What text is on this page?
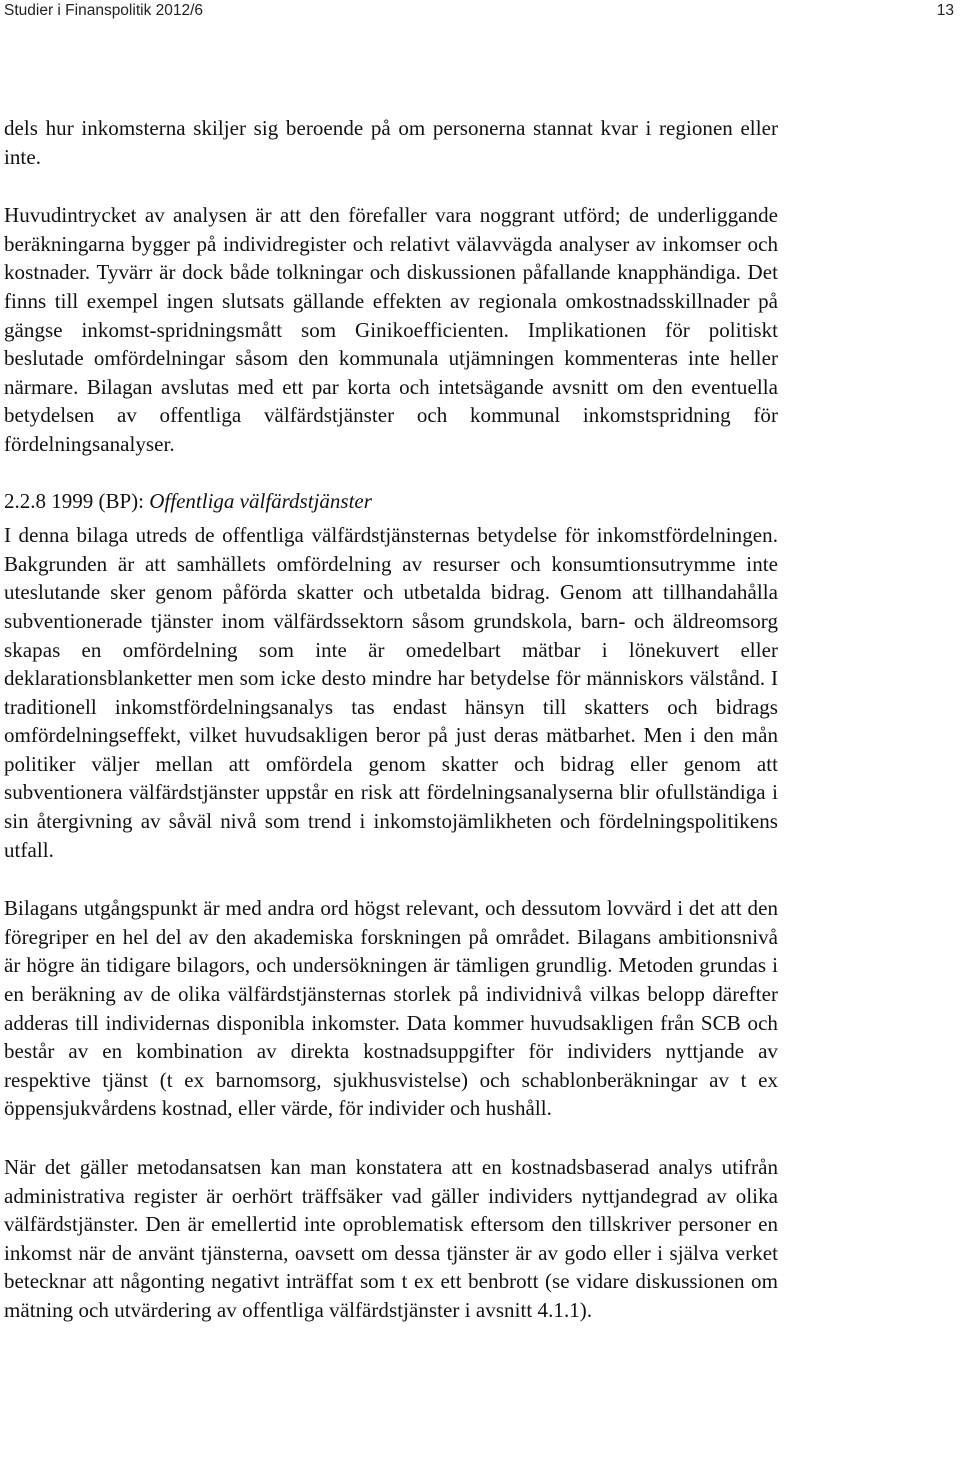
Studier i Finanspolitik 2012/6	13

dels hur inkomsterna skiljer sig beroende på om personerna stannat kvar i regionen eller inte.

Huvudintrycket av analysen är att den förefaller vara noggrant utförd; de underliggande beräkningarna bygger på individregister och relativt välavvägda analyser av inkomser och kostnader. Tyvärr är dock både tolkningar och diskussionen påfallande knapphändiga. Det finns till exempel ingen slutsats gällande effekten av regionala omkostnadsskillnader på gängse inkomst-spridningsmått som Ginikoefficienten. Implikationen för politiskt beslutade omfördelningar såsom den kommunala utjämningen kommenteras inte heller närmare. Bilagan avslutas med ett par korta och intetsägande avsnitt om den eventuella betydelsen av offentliga välfärdstjänster och kommunal inkomstspridning för fördelningsanalyser.

2.2.8 1999 (BP): Offentliga välfärdstjänster

I denna bilaga utreds de offentliga välfärdstjänsternas betydelse för inkomstfördelningen. Bakgrunden är att samhällets omfördelning av resurser och konsumtionsutrymme inte uteslutande sker genom påförda skatter och utbetalda bidrag. Genom att tillhandahålla subventionerade tjänster inom välfärdssektorn såsom grundskola, barn- och äldreomsorg skapas en omfördelning som inte är omedelbart mätbar i lönekuvert eller deklarationsblanketter men som icke desto mindre har betydelse för människors välstånd. I traditionell inkomstfördelningsanalys tas endast hänsyn till skatters och bidrags omfördelningseffekt, vilket huvudsakligen beror på just deras mätbarhet. Men i den mån politiker väljer mellan att omfördela genom skatter och bidrag eller genom att subventionera välfärdstjänster uppstår en risk att fördelningsanalyserna blir ofullständiga i sin återgivning av såväl nivå som trend i inkomstojämlikheten och fördelningspolitikens utfall.

Bilagans utgångspunkt är med andra ord högst relevant, och dessutom lovvärd i det att den föregriper en hel del av den akademiska forskningen på området. Bilagans ambitionsnivå är högre än tidigare bilagors, och undersökningen är tämligen grundlig. Metoden grundas i en beräkning av de olika välfärdstjänsternas storlek på individnivå vilkas belopp därefter adderas till individernas disponibla inkomster. Data kommer huvudsakligen från SCB och består av en kombination av direkta kostnadsuppgifter för individers nyttjande av respektive tjänst (t ex barnomsorg, sjukhusvistelse) och schablonberäkningar av t ex öppensjukvårdens kostnad, eller värde, för individer och hushåll.

När det gäller metodansatsen kan man konstatera att en kostnadsbaserad analys utifrån administrativa register är oerhört träffsäker vad gäller individers nyttjandegrad av olika välfärdstjänster. Den är emellertid inte oproblematisk eftersom den tillskriver personer en inkomst när de använt tjänsterna, oavsett om dessa tjänster är av godo eller i själva verket betecknar att någonting negativt inträffat som t ex ett benbrott (se vidare diskussionen om mätning och utvärdering av offentliga välfärdstjänster i avsnitt 4.1.1).
